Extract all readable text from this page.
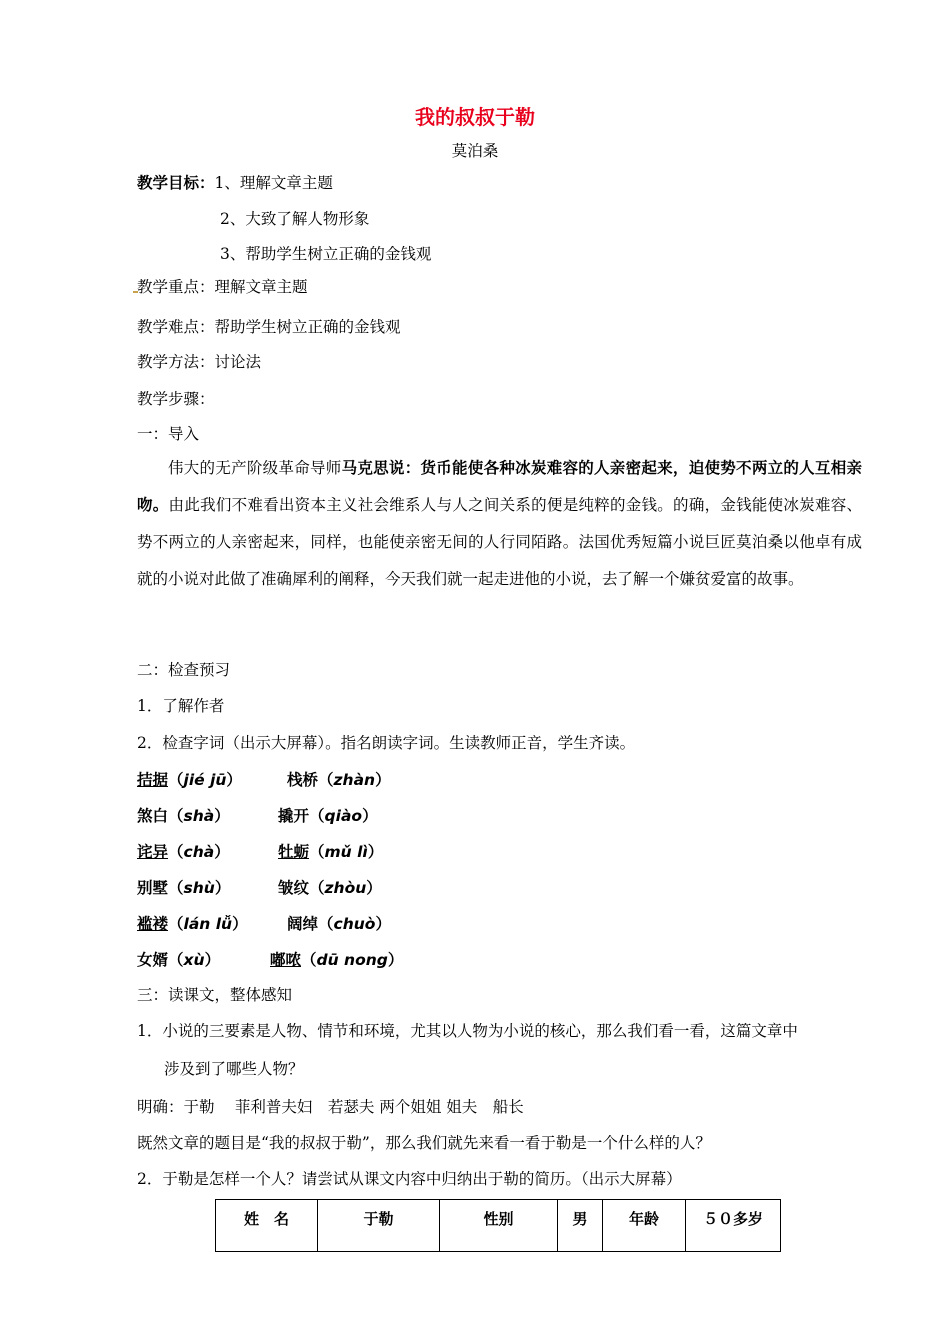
我的叔叔于勒
莫泊桑
教学目标：1、理解文章主题
2、大致了解人物形象
3、帮助学生树立正确的金钱观
教学重点：理解文章主题
教学难点：帮助学生树立正确的金钱观
教学方法：讨论法
教学步骤：
一：导入
伟大的无产阶级革命导师马克思说：货币能使各种冰炭难容的人亲密起来，迫使势不两立的人互相亲吻。由此我们不难看出资本主义社会维系人与人之间关系的便是纯粹的金钱。的确，金钱能使冰炭难容、势不两立的人亲密起来，同样，也能使亲密无间的人行同陌路。法国优秀短篇小说巨匠莫泊桑以他卓有成就的小说对此做了准确犀利的阐释，今天我们就一起走进他的小说，去了解一个嫌贫爱富的故事。
二：检查预习
1．了解作者
2．检查字词（出示大屏幕）。指名朗读字词。生读教师正音，学生齐读。
拮据（jié jū）	栈桥（zhàn）
煞白（shà）	撬开（qiào）
诧异（chà）	牡蛎（mǔ lì）
别墅（shù）	皱纹（zhòu）
褴褛（lán lǚ）	阔绰（chuò）
女婿（xù）	嘟哝（dū nong）
三：读课文，整体感知
1．小说的三要素是人物、情节和环境，尤其以人物为小说的核心，那么我们看一看，这篇文章中
涉及到了哪些人物？
明确：于勒　 菲利普夫妇　若瑟夫 两个姐姐 姐夫　船长
既然文章的题目是“我的叔叔于勒”，那么我们就先来看一看于勒是一个什么样的人？
2．于勒是怎样一个人？请尝试从课文内容中归纳出于勒的简历。（出示大屏幕）
姓　名	于勒	性别	男	年龄	５０多岁
